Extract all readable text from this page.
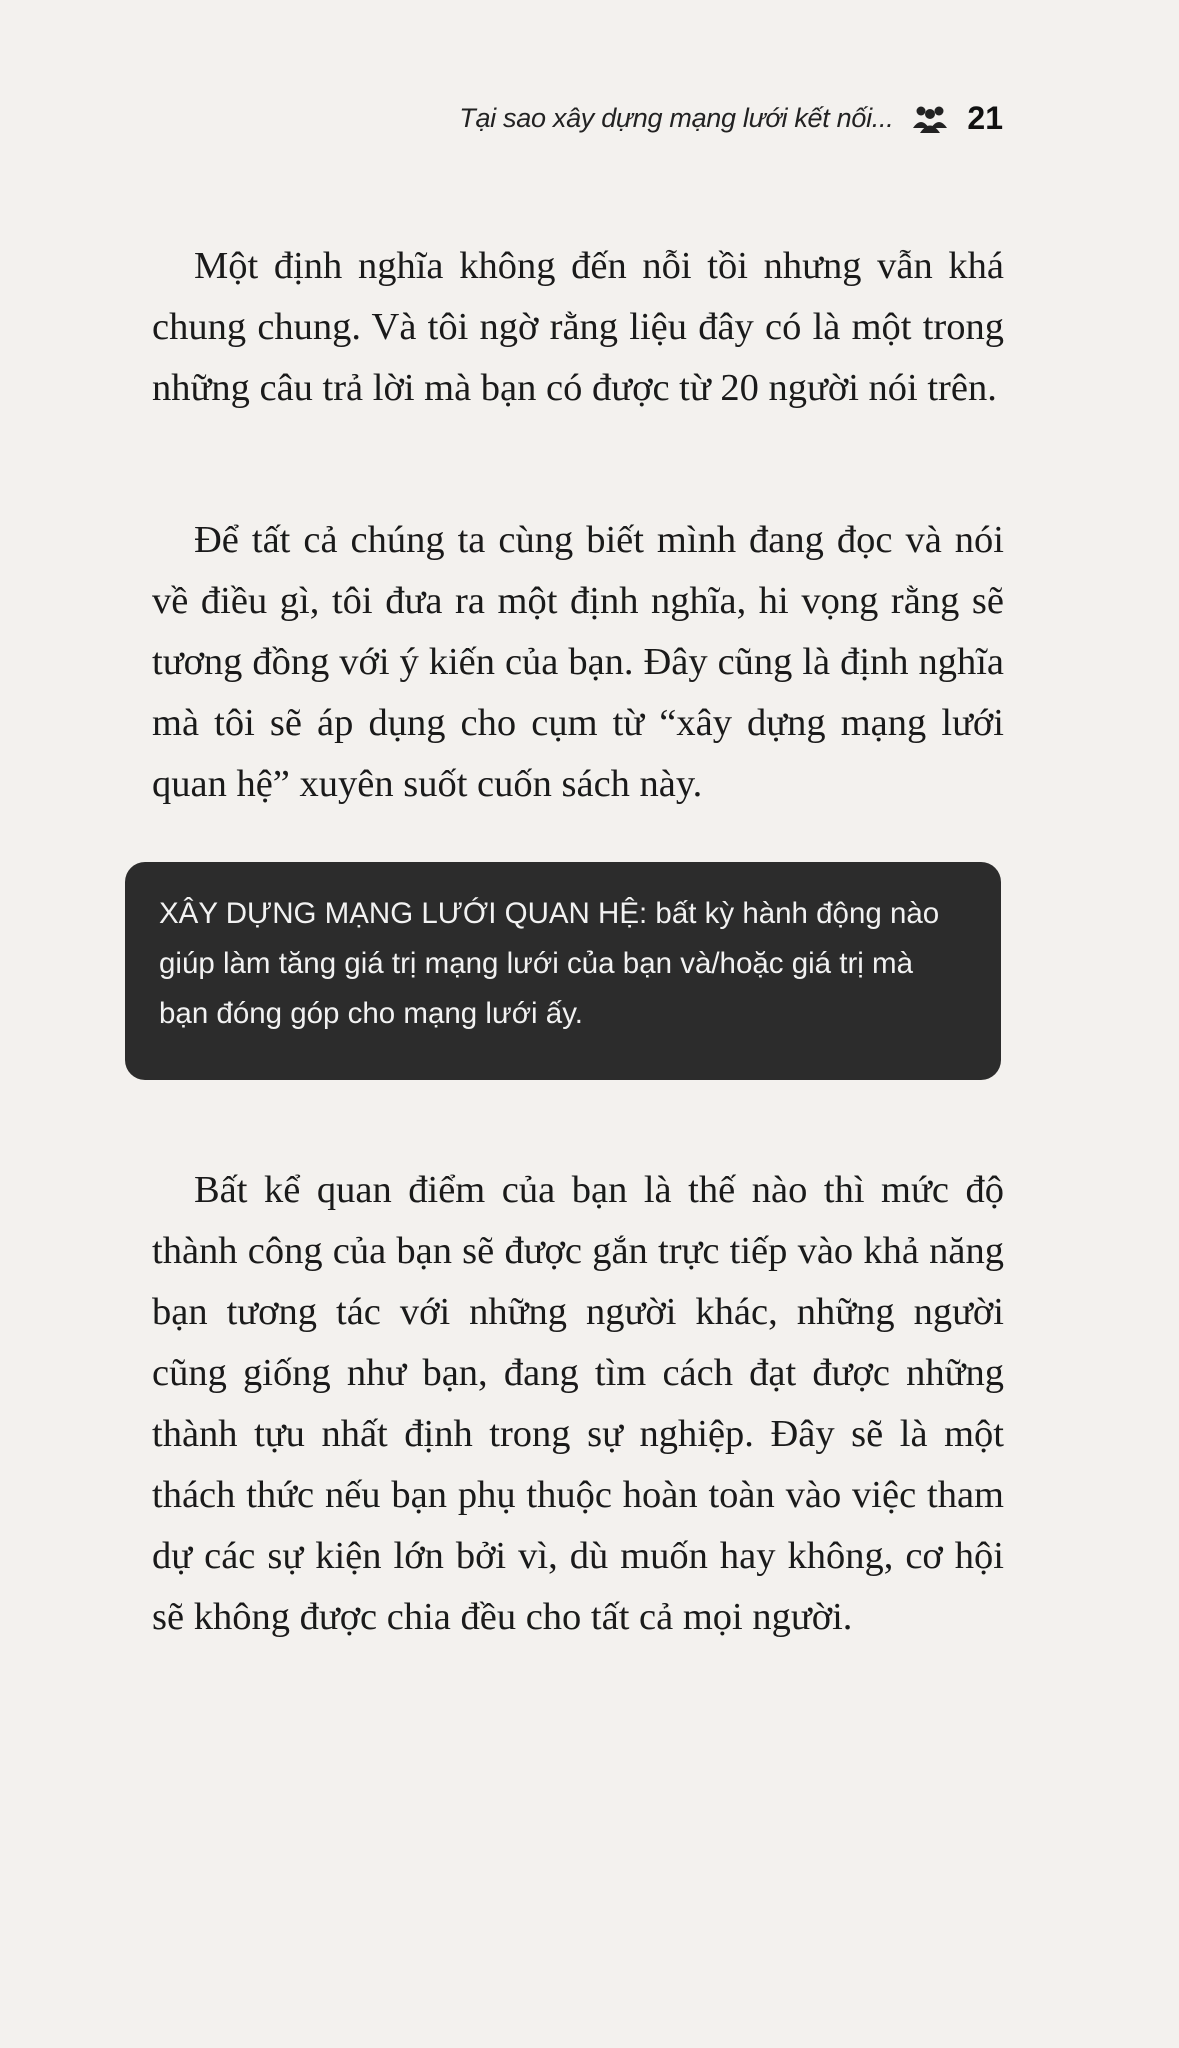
Tại sao xây dựng mạng lưới kết nối... 21

Một định nghĩa không đến nỗi tồi nhưng vẫn khá chung chung. Và tôi ngờ rằng liệu đây có là một trong những câu trả lời mà bạn có được từ 20 người nói trên.

Để tất cả chúng ta cùng biết mình đang đọc và nói về điều gì, tôi đưa ra một định nghĩa, hi vọng rằng sẽ tương đồng với ý kiến của bạn. Đây cũng là định nghĩa mà tôi sẽ áp dụng cho cụm từ “xây dựng mạng lưới quan hệ” xuyên suốt cuốn sách này.

XÂY DỰNG MẠNG LƯỚI QUAN HỆ: bất kỳ hành động nào giúp làm tăng giá trị mạng lưới của bạn và/hoặc giá trị mà bạn đóng góp cho mạng lưới ấy.

Bất kể quan điểm của bạn là thế nào thì mức độ thành công của bạn sẽ được gắn trực tiếp vào khả năng bạn tương tác với những người khác, những người cũng giống như bạn, đang tìm cách đạt được những thành tựu nhất định trong sự nghiệp. Đây sẽ là một thách thức nếu bạn phụ thuộc hoàn toàn vào việc tham dự các sự kiện lớn bởi vì, dù muốn hay không, cơ hội sẽ không được chia đều cho tất cả mọi người.
